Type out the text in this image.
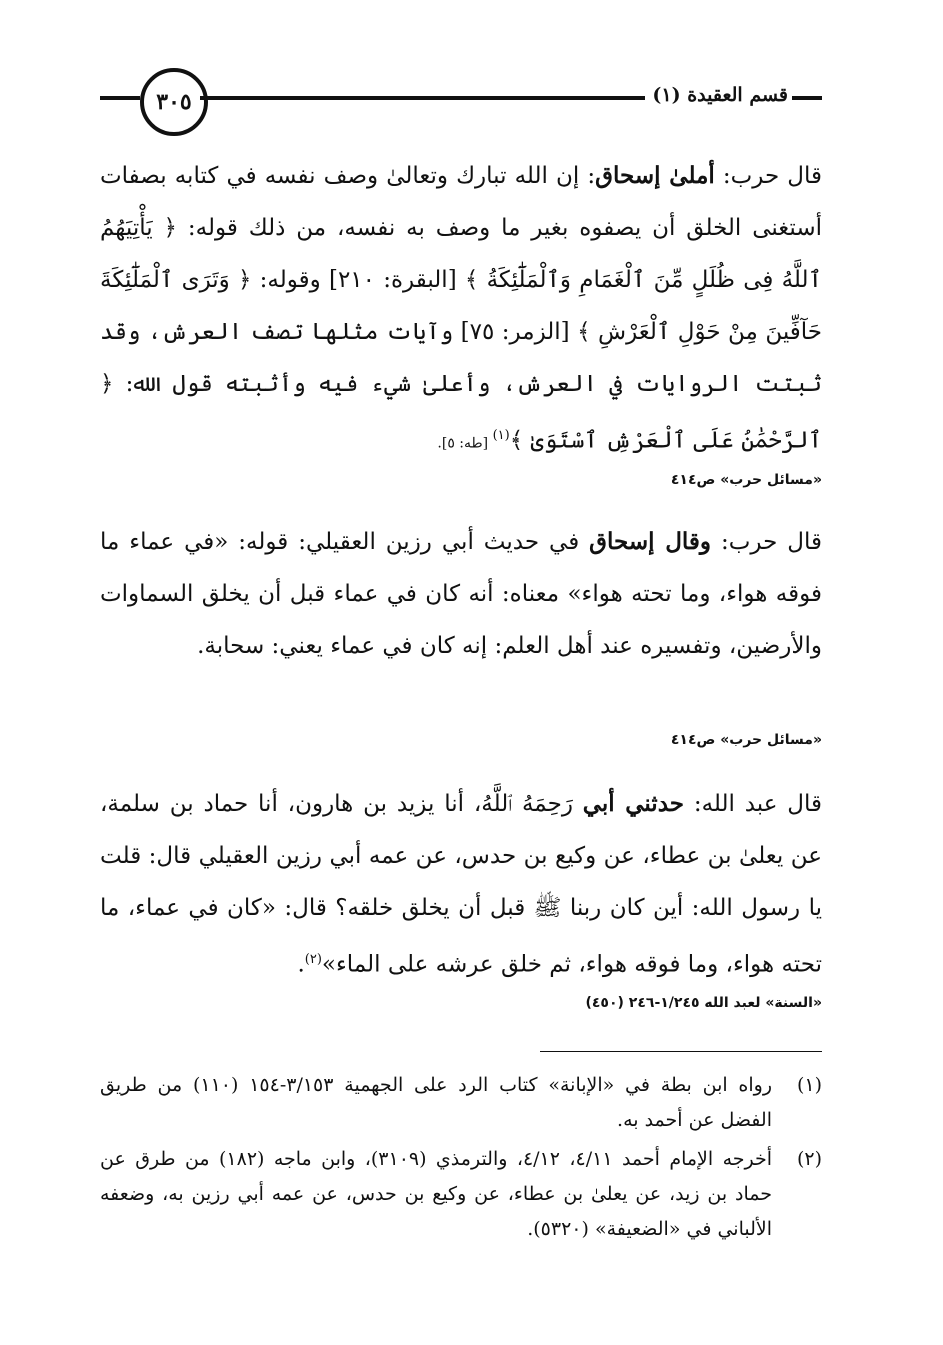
٣٠٥	قسم العقيدة (١)

قال حرب: أملىٰ إسحاق: إن الله تبارك وتعالىٰ وصف نفسه في كتابه بصفات أستغنى الخلق أن يصفوه بغير ما وصف به نفسه، من ذلك قوله: ﴿ يَأْتِيَهُمُ ٱللَّهُ فِى ظُلَلٍ مِّنَ ٱلْغَمَامِ وَٱلْمَلَٰٓئِكَةُ ﴾ [البقرة: ٢١٠] وقوله: ﴿ وَتَرَى ٱلْمَلَٰٓئِكَةَ حَآفِّينَ مِنْ حَوْلِ ٱلْعَرْشِ ﴾ [الزمر: ٧٥] وآيات مثلها تصف العرش، وقد ثبتت الروايات في العرش، وأعلىٰ شيء فيه وأثبته قول الله: ﴿ ٱلرَّحْمَٰنُ عَلَى ٱلْعَرْشِ ٱسْتَوَىٰ ﴾$^{(١)}$ [طه: ٥].

«مسائل حرب» ص٤١٤

قال حرب: وقال إسحاق في حديث أبي رزين العقيلي: قوله: «في عماء ما فوقه هواء، وما تحته هواء» معناه: أنه كان في عماء قبل أن يخلق السماوات والأرضين، وتفسيره عند أهل العلم: إنه كان في عماء يعني: سحابة.

«مسائل حرب» ص٤١٤

قال عبد الله: حدثني أبي رَحِمَهُ ٱللَّهُ، أنا يزيد بن هارون، أنا حماد بن سلمة، عن يعلىٰ بن عطاء، عن وكيع بن حدس، عن عمه أبي رزين العقيلي قال: قلت يا رسول الله: أين كان ربنا ﷺ قبل أن يخلق خلقه؟ قال: «كان في عماء، ما تحته هواء، وما فوقه هواء، ثم خلق عرشه على الماء»$^{(٢)}$.

«السنة» لعبد الله ١/٢٤٥-٢٤٦ (٤٥٠)
(١)
رواه ابن بطة في «الإبانة» كتاب الرد على الجهمية ٣/١٥٣-١٥٤ (١١٠) من طريق الفضل عن أحمد به.
(٢)
أخرجه الإمام أحمد ٤/١١، ٤/١٢، والترمذي (٣١٠٩)، وابن ماجه (١٨٢) من طرق عن حماد بن زيد، عن يعلىٰ بن عطاء، عن وكيع بن حدس، عن عمه أبي رزين به، وضعفه الألباني في «الضعيفة» (٥٣٢٠).
